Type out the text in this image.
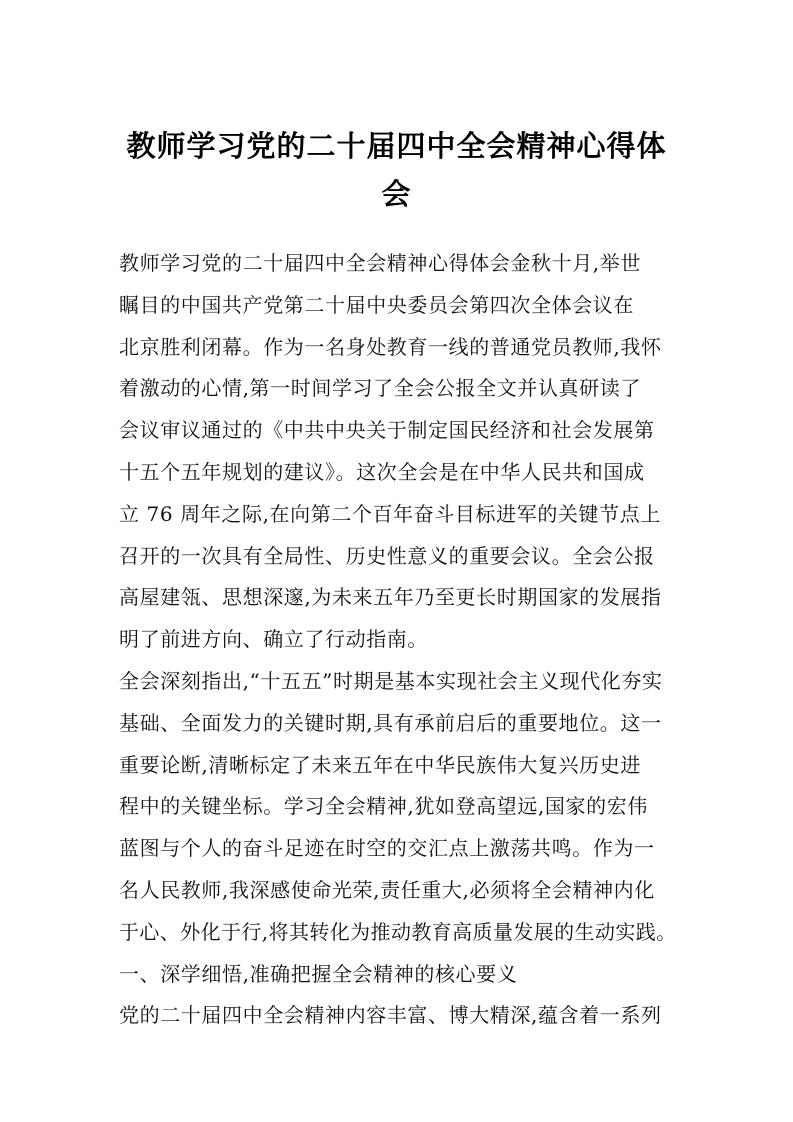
教师学习党的二十届四中全会精神心得体
会
教师学习党的二十届四中全会精神心得体会金秋十月,举世
瞩目的中国共产党第二十届中央委员会第四次全体会议在
北京胜利闭幕。作为一名身处教育一线的普通党员教师,我怀
着激动的心情,第一时间学习了全会公报全文并认真研读了
会议审议通过的《中共中央关于制定国民经济和社会发展第
十五个五年规划的建议》。这次全会是在中华人民共和国成
立 76 周年之际,在向第二个百年奋斗目标进军的关键节点上
召开的一次具有全局性、历史性意义的重要会议。全会公报
高屋建瓴、思想深邃,为未来五年乃至更长时期国家的发展指
明了前进方向、确立了行动指南。
全会深刻指出,“十五五”时期是基本实现社会主义现代化夯实
基础、全面发力的关键时期,具有承前启后的重要地位。这一
重要论断,清晰标定了未来五年在中华民族伟大复兴历史进
程中的关键坐标。学习全会精神,犹如登高望远,国家的宏伟
蓝图与个人的奋斗足迹在时空的交汇点上激荡共鸣。作为一
名人民教师,我深感使命光荣,责任重大,必须将全会精神内化
于心、外化于行,将其转化为推动教育高质量发展的生动实践。
一、深学细悟,准确把握全会精神的核心要义
党的二十届四中全会精神内容丰富、博大精深,蕴含着一系列
